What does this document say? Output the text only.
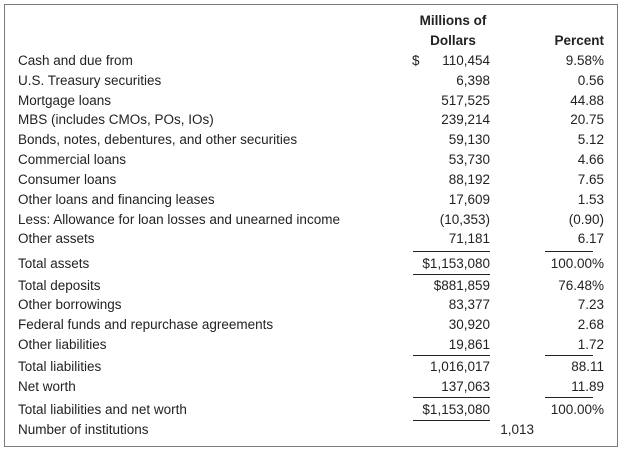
Millions of
Dollars	Percent
Cash and due from	$ 110,454	9.58%
U.S. Treasury securities	6,398	0.56
Mortgage loans	517,525	44.88
MBS (includes CMOs, POs, IOs)	239,214	20.75
Bonds, notes, debentures, and other securities	59,130	5.12
Commercial loans	53,730	4.66
Consumer loans	88,192	7.65
Other loans and financing leases	17,609	1.53
Less: Allowance for loan losses and unearned income	(10,353)	(0.90)
Other assets	71,181	6.17
Total assets	$1,153,080	100.00%
Total deposits	$881,859	76.48%
Other borrowings	83,377	7.23
Federal funds and repurchase agreements	30,920	2.68
Other liabilities	19,861	1.72
Total liabilities	1,016,017	88.11
Net worth	137,063	11.89
Total liabilities and net worth	$1,153,080	100.00%
Number of institutions	1,013
